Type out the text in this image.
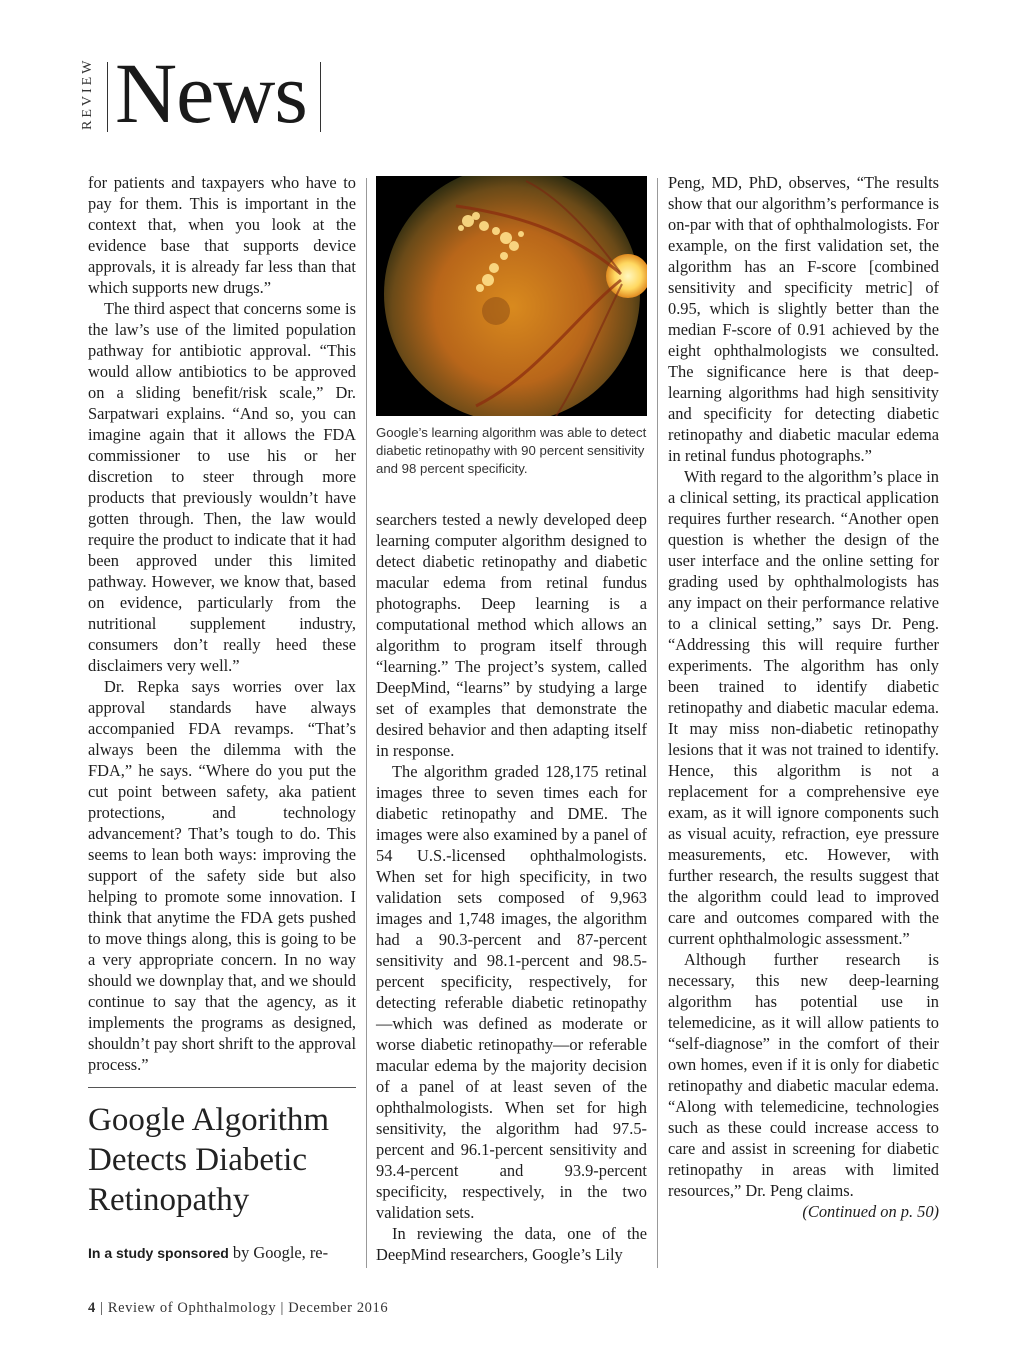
REVIEW News

for patients and taxpayers who have to pay for them. This is important in the context that, when you look at the evidence base that supports device approvals, it is already far less than that which supports new drugs.”

The third aspect that concerns some is the law’s use of the limited population pathway for antibiotic approval. “This would allow antibiotics to be approved on a sliding benefit/risk scale,” Dr. Sarpatwari explains. “And so, you can imagine again that it allows the FDA commissioner to use his or her discretion to steer through more products that previously wouldn’t have gotten through. Then, the law would require the product to indicate that it had been approved under this limited pathway. However, we know that, based on evidence, particularly from the nutritional supplement industry, consumers don’t really heed these disclaimers very well.”

Dr. Repka says worries over lax approval standards have always accompanied FDA revamps. “That’s always been the dilemma with the FDA,” he says. “Where do you put the cut point between safety, aka patient protections, and technology advancement? That’s tough to do. This seems to lean both ways: improving the support of the safety side but also helping to promote some innovation. I think that anytime the FDA gets pushed to move things along, this is going to be a very appropriate concern. In no way should we downplay that, and we should continue to say that the agency, as it implements the programs as designed, shouldn’t pay short shrift to the approval process.”

Google Algorithm Detects Diabetic Retinopathy
In a study sponsored by Google, re-
Google’s learning algorithm was able to detect diabetic retinopathy with 90 percent sensitivity and 98 percent specificity.

searchers tested a newly developed deep learning computer algorithm designed to detect diabetic retinopathy and diabetic macular edema from retinal fundus photographs. Deep learning is a computational method which allows an algorithm to program itself through “learning.” The project’s system, called DeepMind, “learns” by studying a large set of examples that demonstrate the desired behavior and then adapting itself in response.

The algorithm graded 128,175 retinal images three to seven times each for diabetic retinopathy and DME. The images were also examined by a panel of 54 U.S.-licensed ophthalmologists. When set for high specificity, in two validation sets composed of 9,963 images and 1,748 images, the algorithm had a 90.3-percent and 87-percent sensitivity and 98.1-percent and 98.5-percent specificity, respectively, for detecting referable diabetic retinopathy—which was defined as moderate or worse diabetic retinopathy—or referable macular edema by the majority decision of a panel of at least seven of the ophthalmologists. When set for high sensitivity, the algorithm had 97.5-percent and 96.1-percent sensitivity and 93.4-percent and 93.9-percent specificity, respectively, in the two validation sets.

In reviewing the data, one of the DeepMind researchers, Google’s Lily

Peng, MD, PhD, observes, “The results show that our algorithm’s performance is on-par with that of ophthalmologists. For example, on the first validation set, the algorithm has an F-score [combined sensitivity and specificity metric] of 0.95, which is slightly better than the median F-score of 0.91 achieved by the eight ophthalmologists we consulted. The significance here is that deep-learning algorithms had high sensitivity and specificity for detecting diabetic retinopathy and diabetic macular edema in retinal fundus photographs.”

With regard to the algorithm’s place in a clinical setting, its practical application requires further research. “Another open question is whether the design of the user interface and the online setting for grading used by ophthalmologists has any impact on their performance relative to a clinical setting,” says Dr. Peng. “Addressing this will require further experiments. The algorithm has only been trained to identify diabetic retinopathy and diabetic macular edema. It may miss non-diabetic retinopathy lesions that it was not trained to identify. Hence, this algorithm is not a replacement for a comprehensive eye exam, as it will ignore components such as visual acuity, refraction, eye pressure measurements, etc. However, with further research, the results suggest that the algorithm could lead to improved care and outcomes compared with the current ophthalmologic assessment.”

Although further research is necessary, this new deep-learning algorithm has potential use in telemedicine, as it will allow patients to “self-diagnose” in the comfort of their own homes, even if it is only for diabetic retinopathy and diabetic macular edema. “Along with telemedicine, technologies such as these could increase access to care and assist in screening for diabetic retinopathy in areas with limited resources,” Dr. Peng claims.

(Continued on p. 50)
4 | Review of Ophthalmology | December 2016
